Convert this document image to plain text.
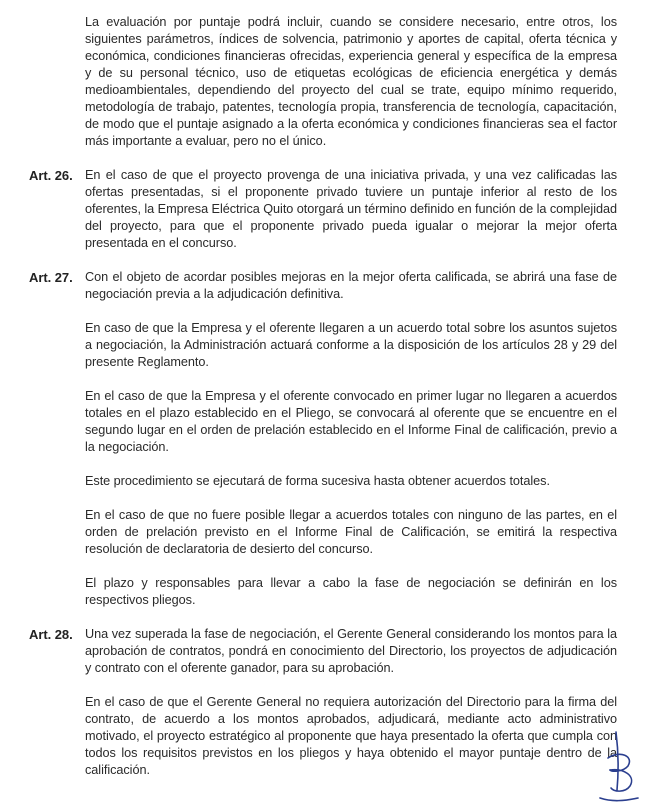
La evaluación por puntaje podrá incluir, cuando se considere necesario, entre otros, los siguientes parámetros, índices de solvencia, patrimonio y aportes de capital, oferta técnica y económica, condiciones financieras ofrecidas, experiencia general y específica de la empresa y de su personal técnico, uso de etiquetas ecológicas de eficiencia energética y demás medioambientales, dependiendo del proyecto del cual se trate, equipo mínimo requerido, metodología de trabajo, patentes, tecnología propia, transferencia de tecnología, capacitación, de modo que el puntaje asignado a la oferta económica y condiciones financieras sea el factor más importante a evaluar, pero no el único.

Art. 26. En el caso de que el proyecto provenga de una iniciativa privada, y una vez calificadas las ofertas presentadas, si el proponente privado tuviere un puntaje inferior al resto de los oferentes, la Empresa Eléctrica Quito otorgará un término definido en función de la complejidad del proyecto, para que el proponente privado pueda igualar o mejorar la mejor oferta presentada en el concurso.

Art. 27. Con el objeto de acordar posibles mejoras en la mejor oferta calificada, se abrirá una fase de negociación previa a la adjudicación definitiva.

En caso de que la Empresa y el oferente llegaren a un acuerdo total sobre los asuntos sujetos a negociación, la Administración actuará conforme a la disposición de los artículos 28 y 29 del presente Reglamento.

En el caso de que la Empresa y el oferente convocado en primer lugar no llegaren a acuerdos totales en el plazo establecido en el Pliego, se convocará al oferente que se encuentre en el segundo lugar en el orden de prelación establecido en el Informe Final de calificación, previo a la negociación.

Este procedimiento se ejecutará de forma sucesiva hasta obtener acuerdos totales.

En el caso de que no fuere posible llegar a acuerdos totales con ninguno de las partes, en el orden de prelación previsto en el Informe Final de Calificación, se emitirá la respectiva resolución de declaratoria de desierto del concurso.

El plazo y responsables para llevar a cabo la fase de negociación se definirán en los respectivos pliegos.

Art. 28. Una vez superada la fase de negociación, el Gerente General considerando los montos para la aprobación de contratos, pondrá en conocimiento del Directorio, los proyectos de adjudicación y contrato con el oferente ganador, para su aprobación.

En el caso de que el Gerente General no requiera autorización del Directorio para la firma del contrato, de acuerdo a los montos aprobados, adjudicará, mediante acto administrativo motivado, el proyecto estratégico al proponente que haya presentado la oferta que cumpla con todos los requisitos previstos en los pliegos y haya obtenido el mayor puntaje dentro de la calificación.
